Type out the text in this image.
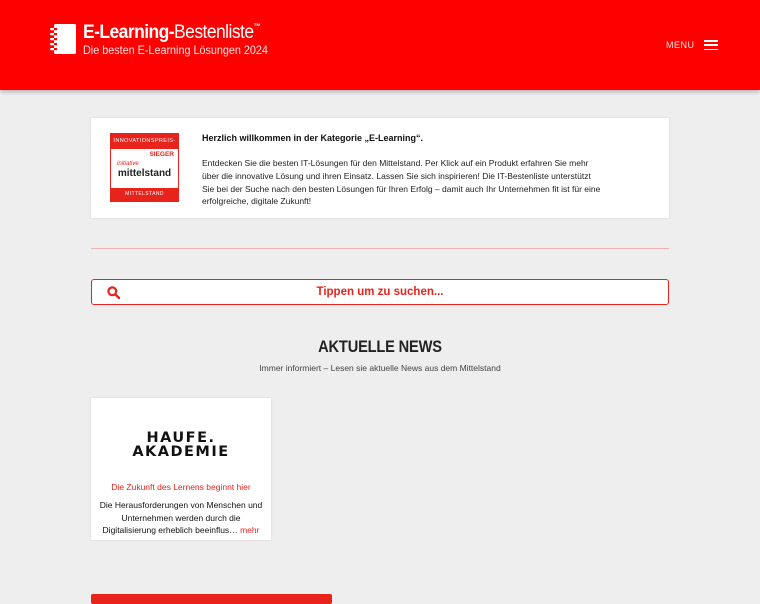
E-Learning-Bestenliste™
Die besten E-Learning Lösungen 2024	MENU
INNOVATIONSPREIS-IT SIEGER
initiative
mittelstand
MITTELSTAND

Herzlich willkommen in der Kategorie „E-Learning“.

Entdecken Sie die besten IT-Lösungen für den Mittelstand. Per Klick auf ein Produkt erfahren Sie mehr über die innovative Lösung und ihren Einsatz. Lassen Sie sich inspirieren! Die IT-Bestenliste unterstützt Sie bei der Suche nach den besten Lösungen für Ihren Erfolg – damit auch Ihr Unternehmen fit ist für eine erfolgreiche, digitale Zukunft!

Tippen um zu suchen...
AKTUELLE NEWS
Immer informiert – Lesen sie aktuelle News aus dem Mittelstand
HAUFE.
AKADEMIE
Die Zukunft des Lernens beginnt hier
Die Herausforderungen von Menschen und Unternehmen werden durch die Digitalisierung erheblich beeinflus… mehr
